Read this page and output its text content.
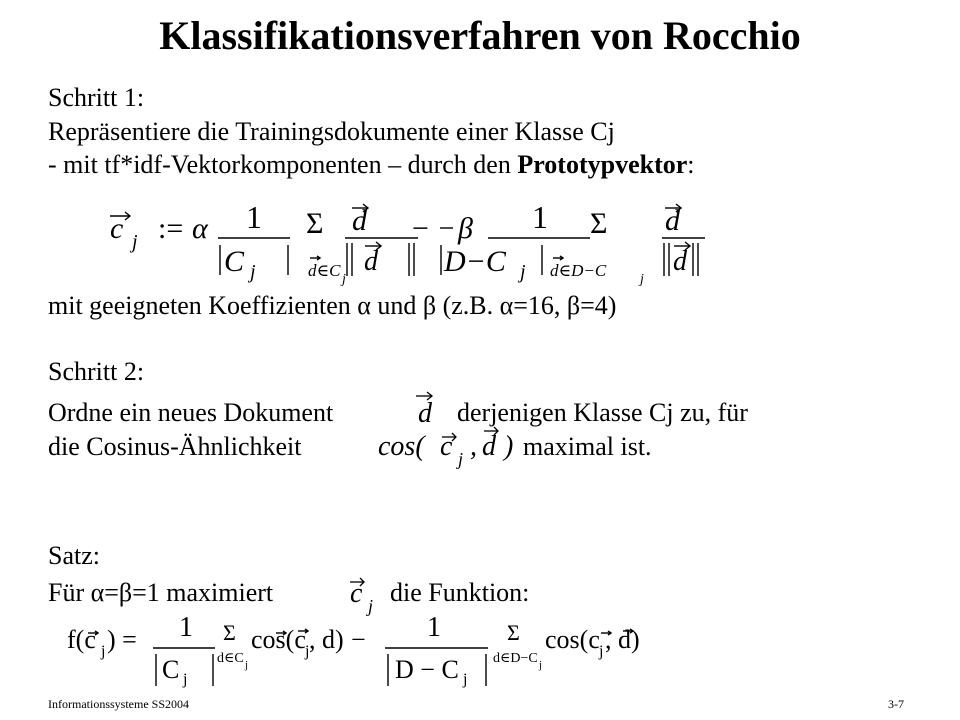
Klassifikationsverfahren von Rocchio
Schritt 1:
Repräsentiere die Trainingsdokumente einer Klasse Cj
- mit tf*idf-Vektorkomponenten – durch den Prototypvektor:
c j := α 1
C j
Σ
d∈C j
d
d
− β 1
D−C j
Σ
d∈D−C j
d
d
mit geeigneten Koeffizienten α und β (z.B. α=16, β=4)
Schritt 2:
Ordne ein neues Dokument	d derjenigen Klasse Cj zu, für
die Cosinus-Ähnlichkeit	cos( c j , d ) maximal ist.
Satz:
Für α=β=1 maximiert	c j die Funktion:
f(c j ) = 1
C j
Σ
d∈C j
cos(c j , d) − 1
D − C j
Σ
d∈D−C j
cos(c j , d)
Informationssysteme SS2004	3-7
